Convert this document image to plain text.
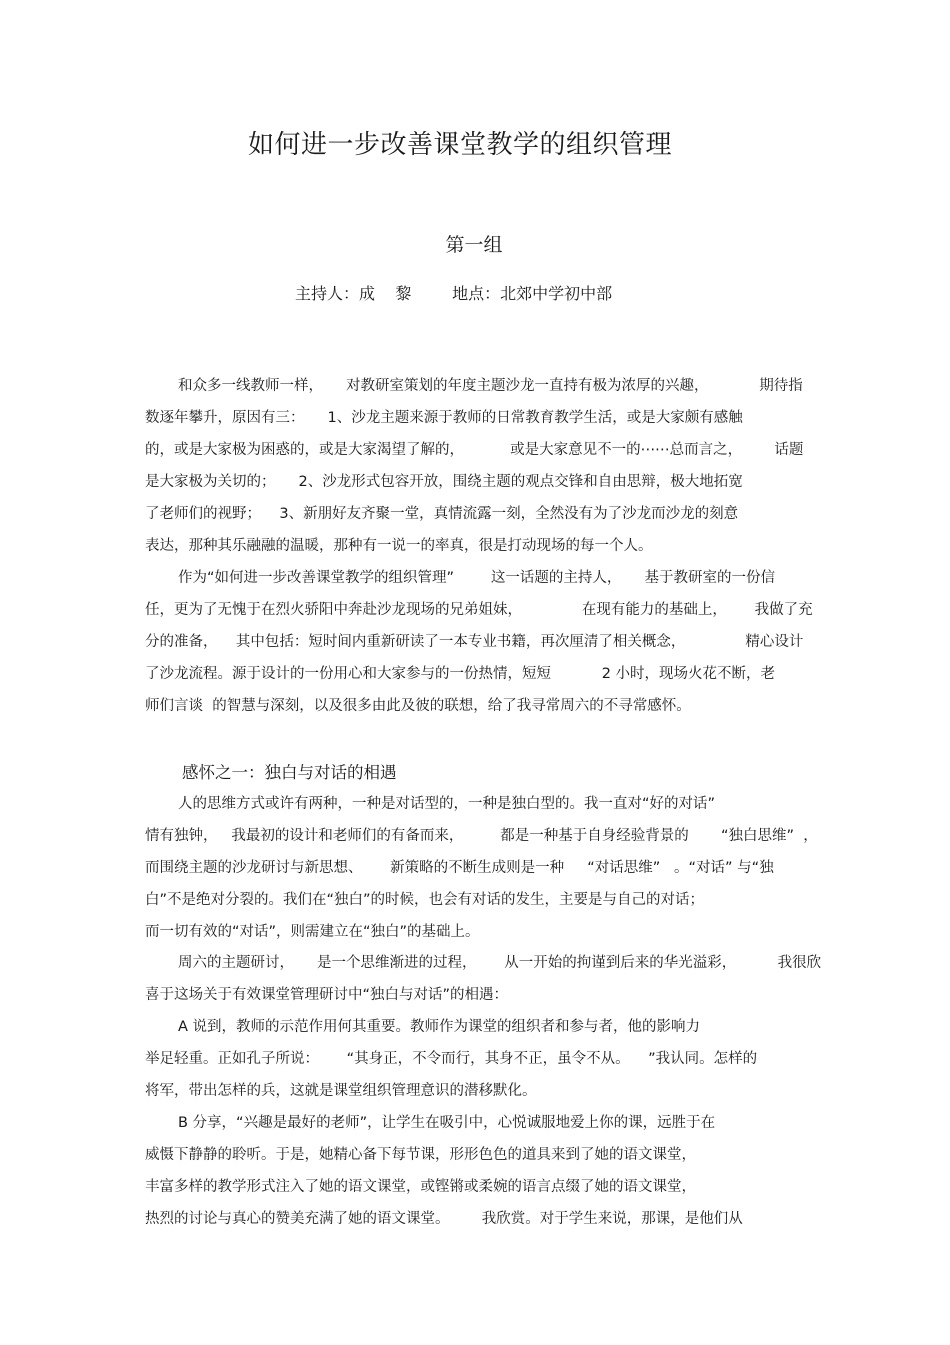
如何进一步改善课堂教学的组织管理
第一组
主持人：成    黎	地点：北郊中学初中部
和众多一线教师一样，     对教研室策划的年度主题沙龙一直持有极为浓厚的兴趣，           期待指
数逐年攀升，原因有三：     1、沙龙主题来源于教师的日常教育教学生活，或是大家颇有感触
的，或是大家极为困惑的，或是大家渴望了解的，          或是大家意见不一的⋯⋯总而言之，       话题
是大家极为关切的；     2、沙龙形式包容开放，围绕主题的观点交锋和自由思辩，极大地拓宽
了老师们的视野；    3、新朋好友齐聚一堂，真情流露一刻，全然没有为了沙龙而沙龙的刻意
表达，那种其乐融融的温暖，那种有一说一的率真，很是打动现场的每一个人。
作为“如何进一步改善课堂教学的组织管理”        这一话题的主持人，     基于教研室的一份信
任，更为了无愧于在烈火骄阳中奔赴沙龙现场的兄弟姐妹，             在现有能力的基础上，      我做了充
分的准备，    其中包括：短时间内重新研读了一本专业书籍，再次厘清了相关概念，             精心设计
了沙龙流程。源于设计的一份用心和大家参与的一份热情，短短           2 小时，现场火花不断，老
师们言谈  的智慧与深刻，以及很多由此及彼的联想，给了我寻常周六的不寻常感怀。
感怀之一：独白与对话的相遇
人的思维方式或许有两种，一种是对话型的，一种是独白型的。我一直对“好的对话”
情有独钟，   我最初的设计和老师们的有备而来，        都是一种基于自身经验背景的       “独白思维”  ，
而围绕主题的沙龙研讨与新思想、      新策略的不断生成则是一种     “对话思维”   。“对话” 与“独
白”不是绝对分裂的。我们在“独白”的时候，也会有对话的发生，主要是与自己的对话；
而一切有效的“对话”，则需建立在“独白”的基础上。
周六的主题研讨，     是一个思维渐进的过程，      从一开始的拘谨到后来的华光溢彩，         我很欣
喜于这场关于有效课堂管理研讨中“独白与对话”的相遇：
A 说到，教师的示范作用何其重要。教师作为课堂的组织者和参与者，他的影响力
举足轻重。正如孔子所说：      “其身正，不令而行，其身不正，虽令不从。    ”我认同。怎样的
将军，带出怎样的兵，这就是课堂组织管理意识的潜移默化。
B 分享，“兴趣是最好的老师”，让学生在吸引中，心悦诚服地爱上你的课，远胜于在
威慑下静静的聆听。于是，她精心备下每节课，形形色色的道具来到了她的语文课堂，
丰富多样的教学形式注入了她的语文课堂，或铿锵或柔婉的语言点缀了她的语文课堂，
热烈的讨论与真心的赞美充满了她的语文课堂。       我欣赏。对于学生来说，那课，是他们从
